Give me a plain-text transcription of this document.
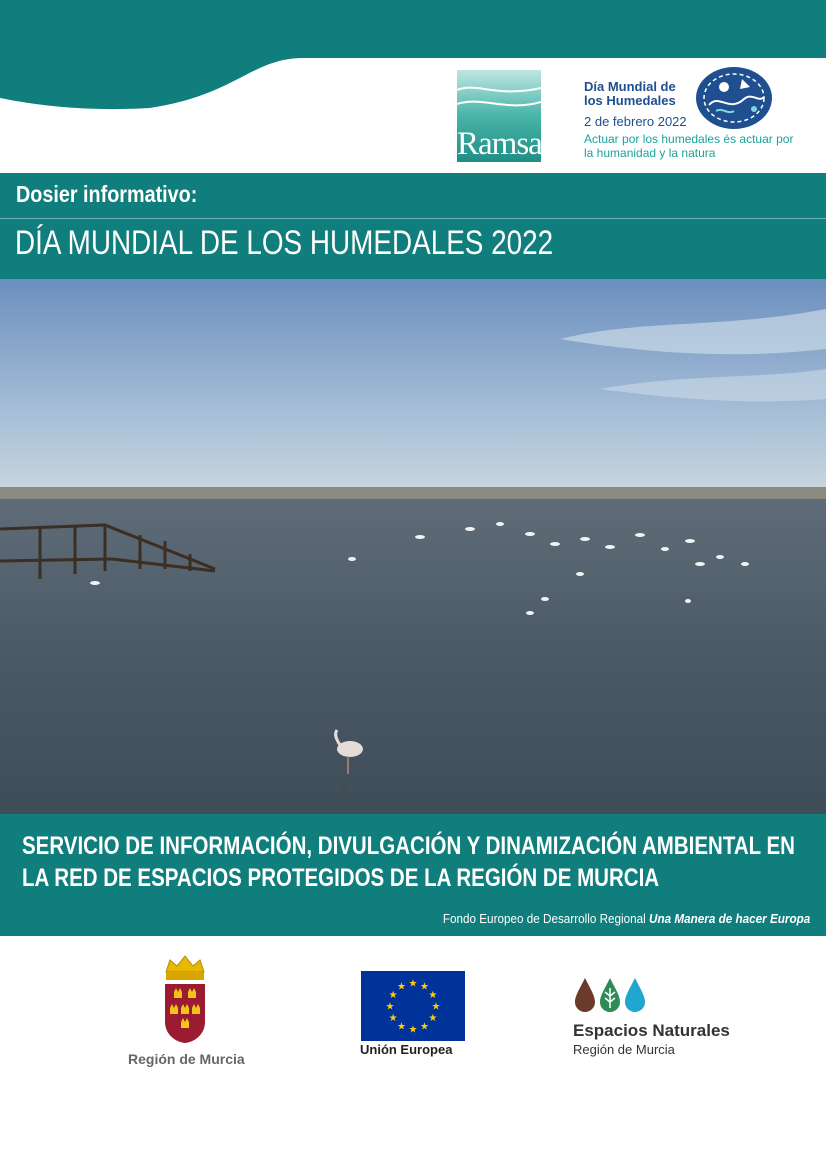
Ramsar
Día Mundial de los Humedales
2 de febrero 2022
Actuar por los humedales és actuar por la humanidad y la natura
Dosier informativo:
DÍA MUNDIAL DE LOS HUMEDALES 2022
SERVICIO DE INFORMACIÓN, DIVULGACIÓN Y DINAMIZACIÓN AMBIENTAL EN LA RED DE ESPACIOS PROTEGIDOS DE LA REGIÓN DE MURCIA
Fondo Europeo de Desarrollo Regional Una Manera de hacer Europa
Región de Murcia
★ ★
★
★
★
★
★
★
★
★
★
★
Unión Europea
Espacios Naturales
Región de Murcia
